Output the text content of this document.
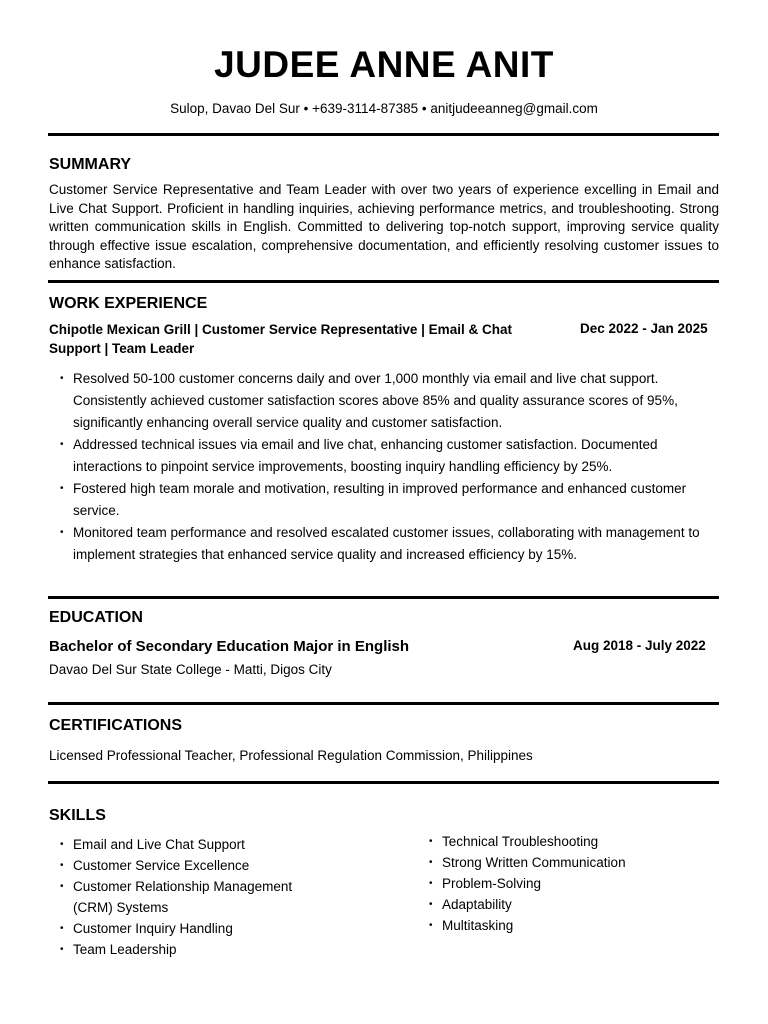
JUDEE ANNE ANIT
Sulop, Davao Del Sur • +639-3114-87385 • anitjudeeanneg@gmail.com
SUMMARY
Customer Service Representative and Team Leader with over two years of experience excelling in Email and Live Chat Support. Proficient in handling inquiries, achieving performance metrics, and troubleshooting. Strong written communication skills in English. Committed to delivering top-notch support, improving service quality through effective issue escalation, comprehensive documentation, and efficiently resolving customer issues to enhance satisfaction.
WORK EXPERIENCE
Chipotle Mexican Grill | Customer Service Representative | Email & Chat Support | Team Leader
Dec 2022 - Jan 2025
• Resolved 50-100 customer concerns daily and over 1,000 monthly via email and live chat support. Consistently achieved customer satisfaction scores above 85% and quality assurance scores of 95%, significantly enhancing overall service quality and customer satisfaction.
• Addressed technical issues via email and live chat, enhancing customer satisfaction. Documented interactions to pinpoint service improvements, boosting inquiry handling efficiency by 25%.
• Fostered high team morale and motivation, resulting in improved performance and enhanced customer service.
• Monitored team performance and resolved escalated customer issues, collaborating with management to implement strategies that enhanced service quality and increased efficiency by 15%.
EDUCATION
Bachelor of Secondary Education Major in English	Aug 2018 - July 2022
Davao Del Sur State College - Matti, Digos City
CERTIFICATIONS
Licensed Professional Teacher, Professional Regulation Commission, Philippines
SKILLS
• Email and Live Chat Support
• Customer Service Excellence
• Customer Relationship Management (CRM) Systems
• Customer Inquiry Handling
• Team Leadership
• Technical Troubleshooting
• Strong Written Communication
• Problem-Solving
• Adaptability
• Multitasking
